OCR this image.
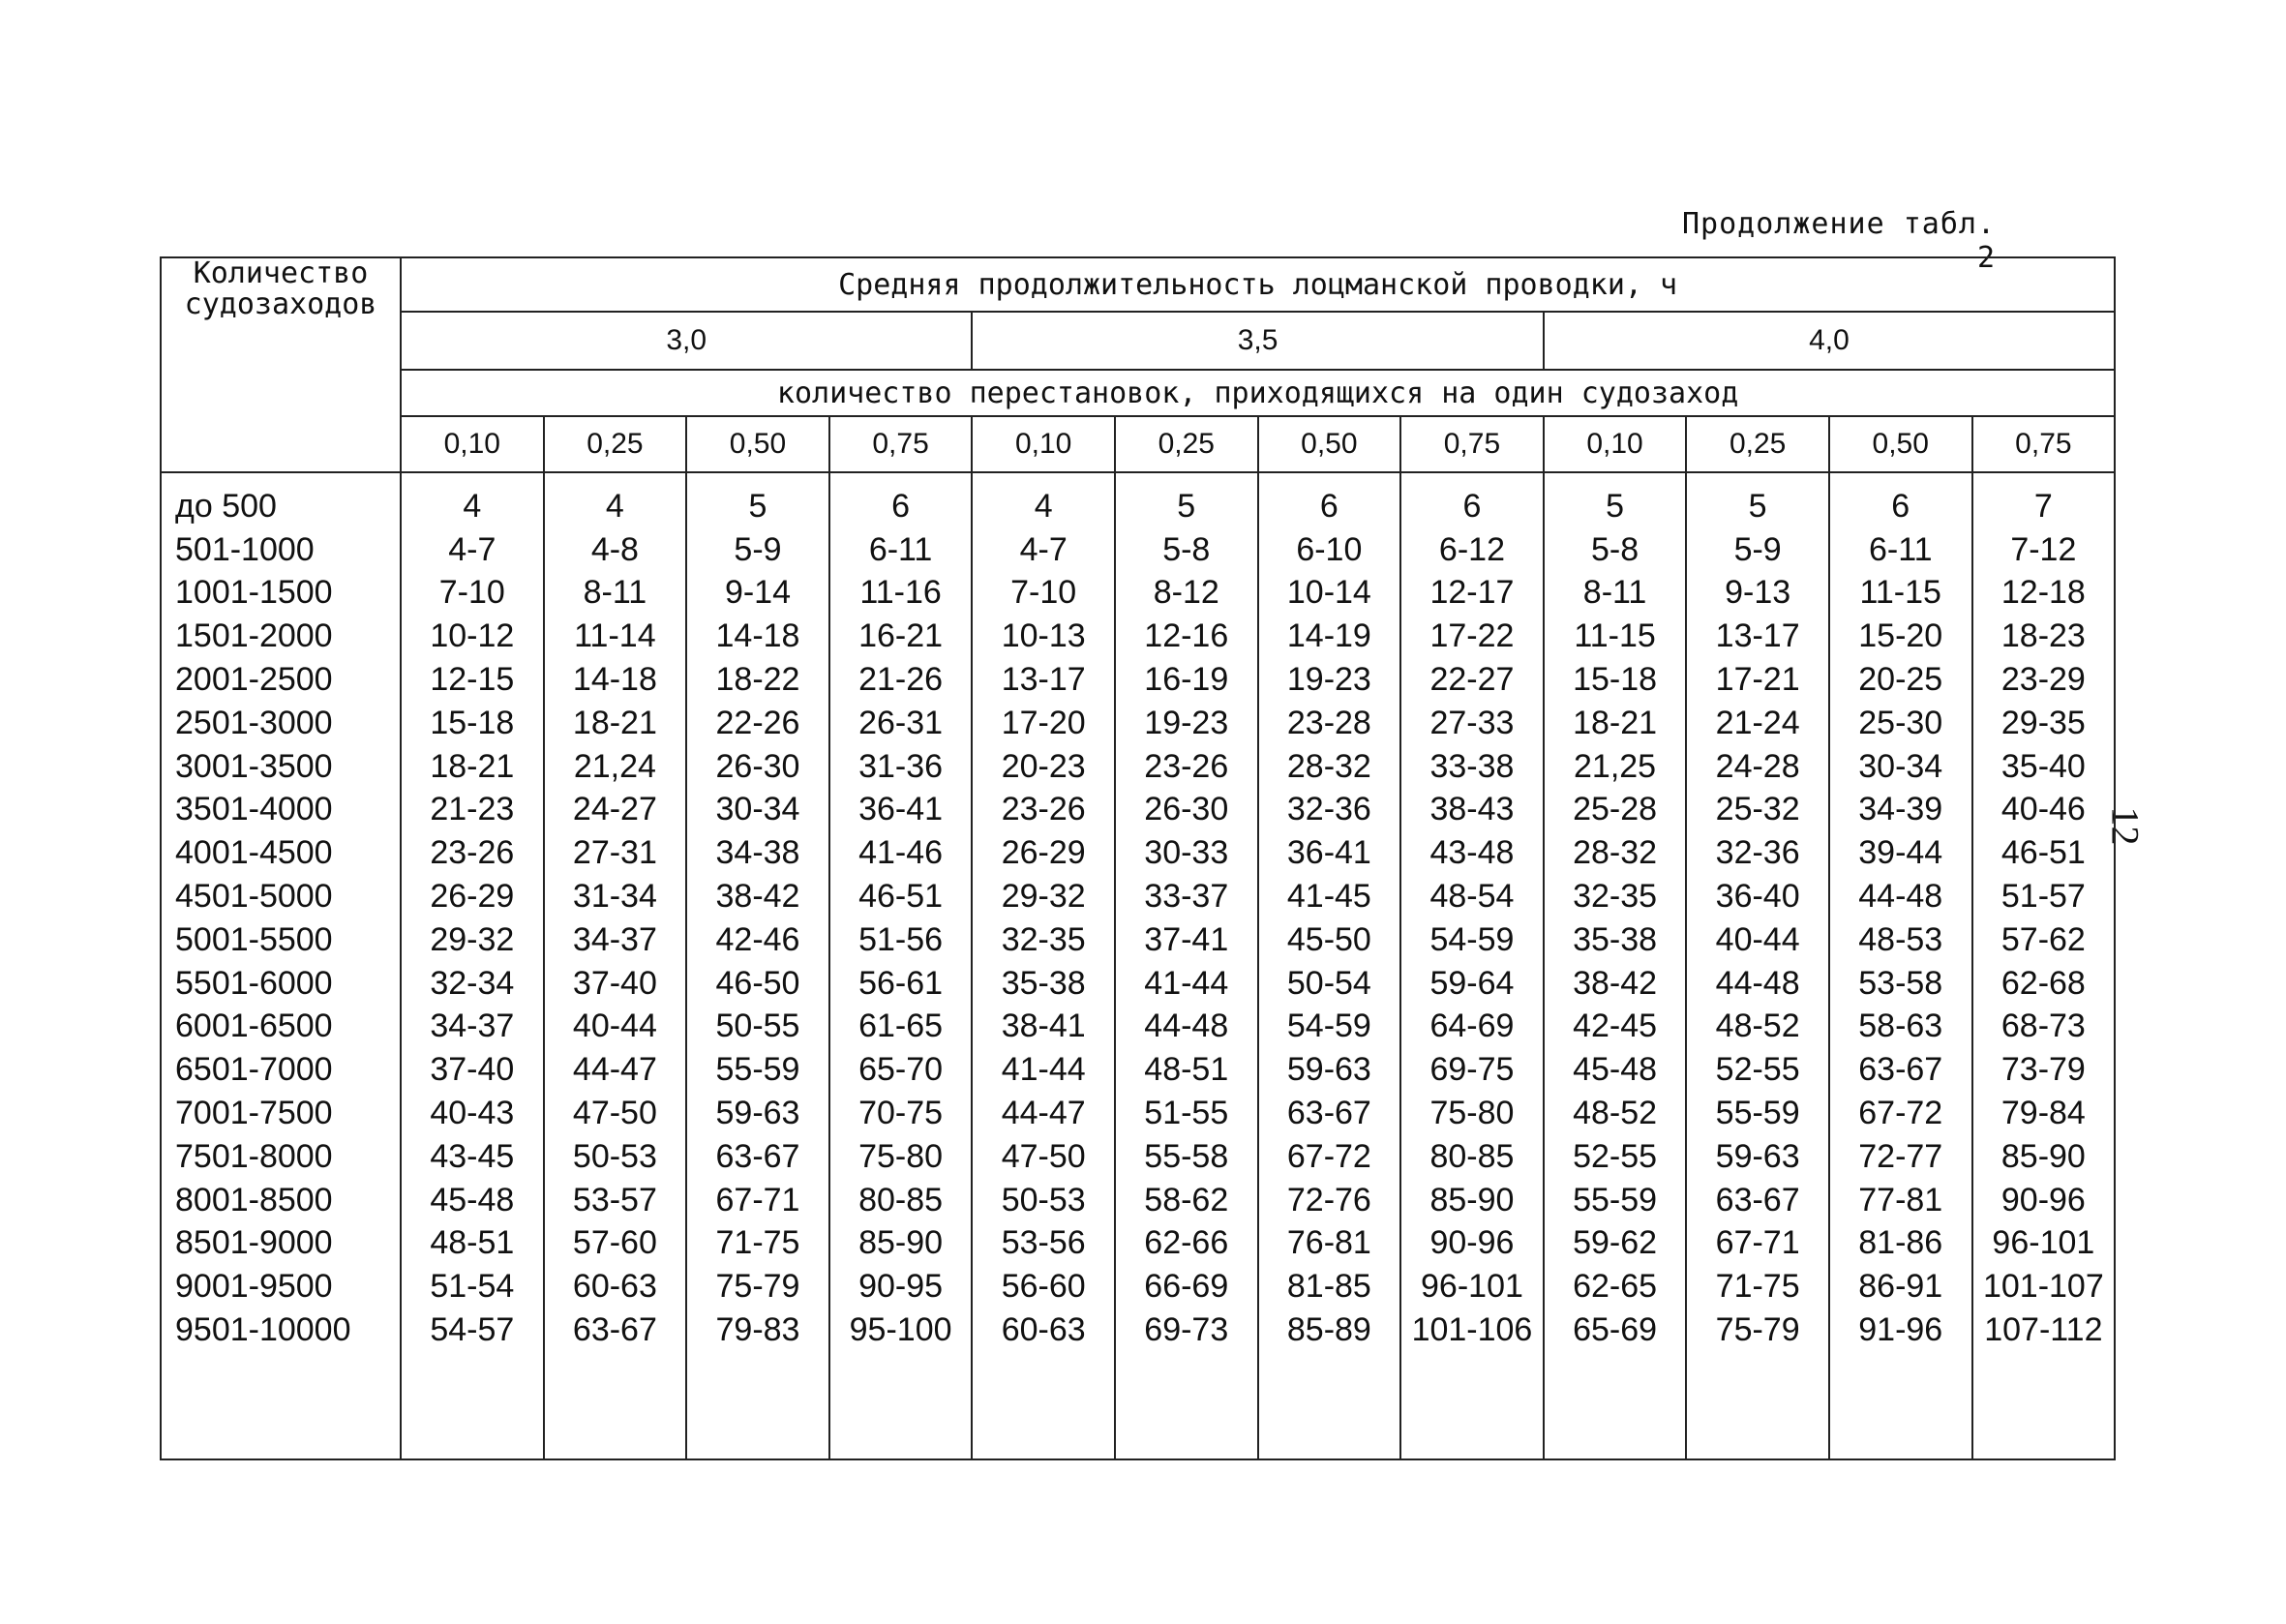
Продолжение табл. 2
12
Количество судозаходов	Средняя продолжительность лоцманской проводки, ч											
	3,0				3,5				4,0			
	количество перестановок, приходящихся на один судозаход											
	0,10	0,25	0,50	0,75	0,10	0,25	0,50	0,75	0,10	0,25	0,50	0,75
до 500	4	4	5	6	4	5	6	6	5	5	6	7
501-1000	4-7	4-8	5-9	6-11	4-7	5-8	6-10	6-12	5-8	5-9	6-11	7-12
1001-1500	7-10	8-11	9-14	11-16	7-10	8-12	10-14	12-17	8-11	9-13	11-15	12-18
1501-2000	10-12	11-14	14-18	16-21	10-13	12-16	14-19	17-22	11-15	13-17	15-20	18-23
2001-2500	12-15	14-18	18-22	21-26	13-17	16-19	19-23	22-27	15-18	17-21	20-25	23-29
2501-3000	15-18	18-21	22-26	26-31	17-20	19-23	23-28	27-33	18-21	21-24	25-30	29-35
3001-3500	18-21	21,24	26-30	31-36	20-23	23-26	28-32	33-38	21,25	24-28	30-34	35-40
3501-4000	21-23	24-27	30-34	36-41	23-26	26-30	32-36	38-43	25-28	25-32	34-39	40-46
4001-4500	23-26	27-31	34-38	41-46	26-29	30-33	36-41	43-48	28-32	32-36	39-44	46-51
4501-5000	26-29	31-34	38-42	46-51	29-32	33-37	41-45	48-54	32-35	36-40	44-48	51-57
5001-5500	29-32	34-37	42-46	51-56	32-35	37-41	45-50	54-59	35-38	40-44	48-53	57-62
5501-6000	32-34	37-40	46-50	56-61	35-38	41-44	50-54	59-64	38-42	44-48	53-58	62-68
6001-6500	34-37	40-44	50-55	61-65	38-41	44-48	54-59	64-69	42-45	48-52	58-63	68-73
6501-7000	37-40	44-47	55-59	65-70	41-44	48-51	59-63	69-75	45-48	52-55	63-67	73-79
7001-7500	40-43	47-50	59-63	70-75	44-47	51-55	63-67	75-80	48-52	55-59	67-72	79-84
7501-8000	43-45	50-53	63-67	75-80	47-50	55-58	67-72	80-85	52-55	59-63	72-77	85-90
8001-8500	45-48	53-57	67-71	80-85	50-53	58-62	72-76	85-90	55-59	63-67	77-81	90-96
8501-9000	48-51	57-60	71-75	85-90	53-56	62-66	76-81	90-96	59-62	67-71	81-86	96-101
9001-9500	51-54	60-63	75-79	90-95	56-60	66-69	81-85	96-101	62-65	71-75	86-91	101-107
9501-10000	54-57	63-67	79-83	95-100	60-63	69-73	85-89	101-106	65-69	75-79	91-96	107-112
